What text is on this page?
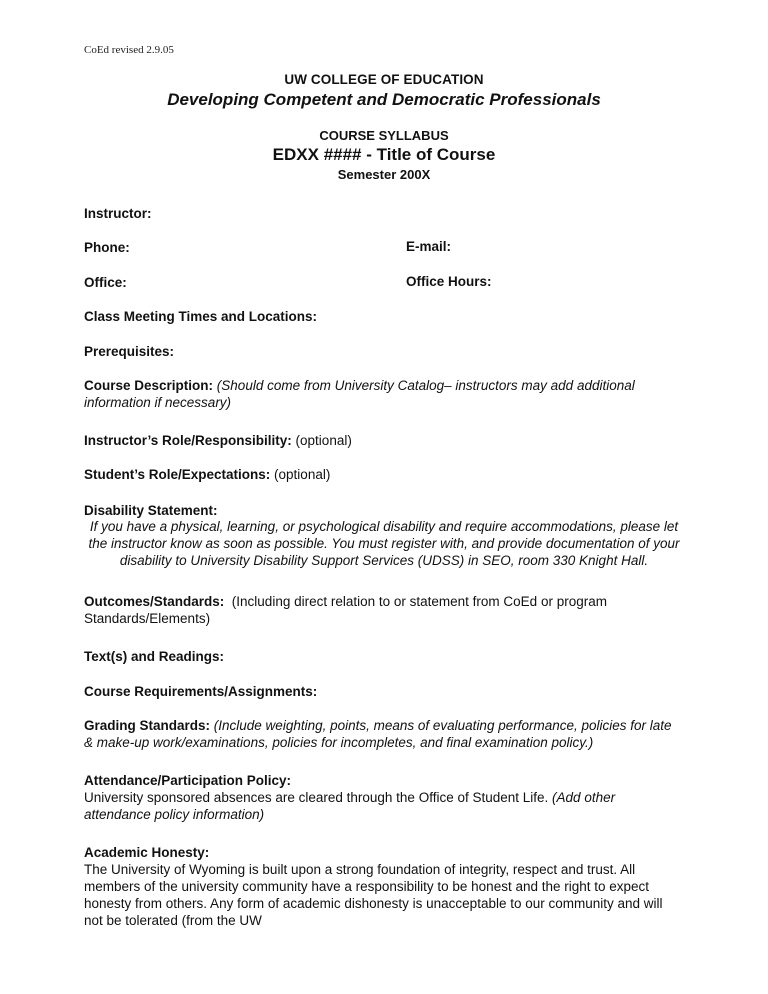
CoEd revised 2.9.05
UW COLLEGE OF EDUCATION
Developing Competent and Democratic Professionals
COURSE SYLLABUS
EDXX #### - Title of Course
Semester 200X
Instructor:
Phone:	E-mail:
Office:	Office Hours:
Class Meeting Times and Locations:
Prerequisites:
Course Description: (Should come from University Catalog– instructors may add additional information if necessary)
Instructor’s Role/Responsibility: (optional)
Student’s Role/Expectations: (optional)
Disability Statement:
If you have a physical, learning, or psychological disability and require accommodations, please let the instructor know as soon as possible. You must register with, and provide documentation of your disability to University Disability Support Services (UDSS) in SEO, room 330 Knight Hall.
Outcomes/Standards: (Including direct relation to or statement from CoEd or program Standards/Elements)
Text(s) and Readings:
Course Requirements/Assignments:
Grading Standards: (Include weighting, points, means of evaluating performance, policies for late & make-up work/examinations, policies for incompletes, and final examination policy.)
Attendance/Participation Policy:
University sponsored absences are cleared through the Office of Student Life. (Add other attendance policy information)
Academic Honesty:
The University of Wyoming is built upon a strong foundation of integrity, respect and trust. All members of the university community have a responsibility to be honest and the right to expect honesty from others. Any form of academic dishonesty is unacceptable to our community and will not be tolerated (from the UW
